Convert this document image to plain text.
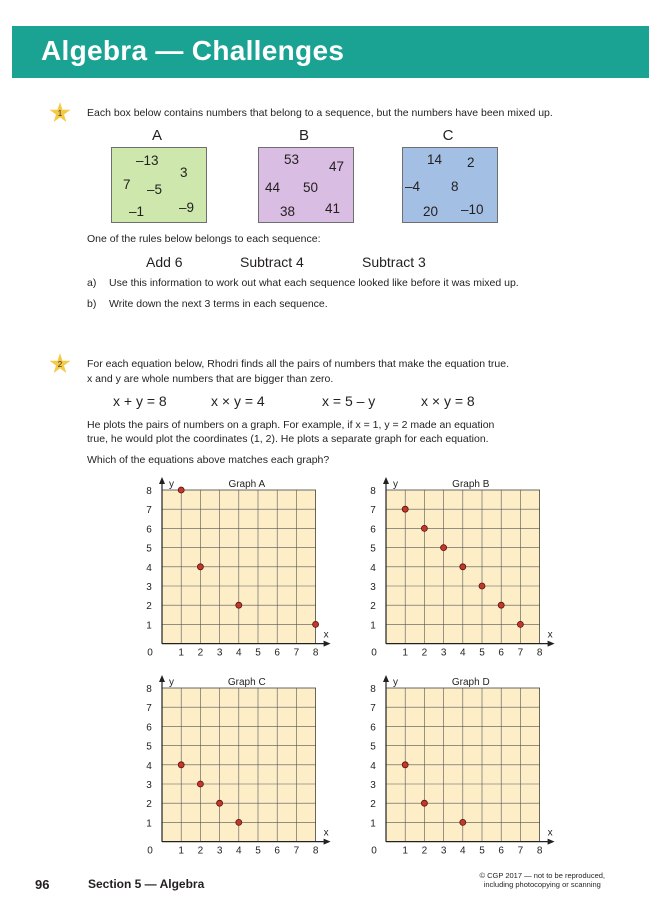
Algebra — Challenges
1	Each box below contains numbers that belong to a sequence, but the numbers have been mixed up.
A	B	C
–13
3
7 –5
–1	–9
53 47
44 50
38 41
14 2
–4 8
20 –10
One of the rules below belongs to each sequence:
Add 6	Subtract 4	Subtract 3
a) Use this information to work out what each sequence looked like before it was mixed up.
b) Write down the next 3 terms in each sequence.
2	For each equation below, Rhodri finds all the pairs of numbers that make the equation true.
x and y are whole numbers that are bigger than zero.
x + y = 8	x × y = 4	x = 5 – y	x × y = 8
He plots the pairs of numbers on a graph. For example, if x = 1, y = 2 made an equation
true, he would plot the coordinates (1, 2). He plots a separate graph for each equation.
Which of the equations above matches each graph?
Graph A
y
x
0	1 2 3 4 5 6 7 8
1
2
3
4
5
6
7
8
Graph B
y
x
0	1 2 3 4 5 6 7 8
1
2
3
4
5
6
7
8
Graph C
y
x
0	1 2 3 4 5 6 7 8
1
2
3
4
5
6
7
8
Graph D
y
x
0	1 2 3 4 5 6 7 8
1
2
3
4
5
6
7
8
96	Section 5 — Algebra
© CGP 2017 — not to be reproduced,
including photocopying or scanning
